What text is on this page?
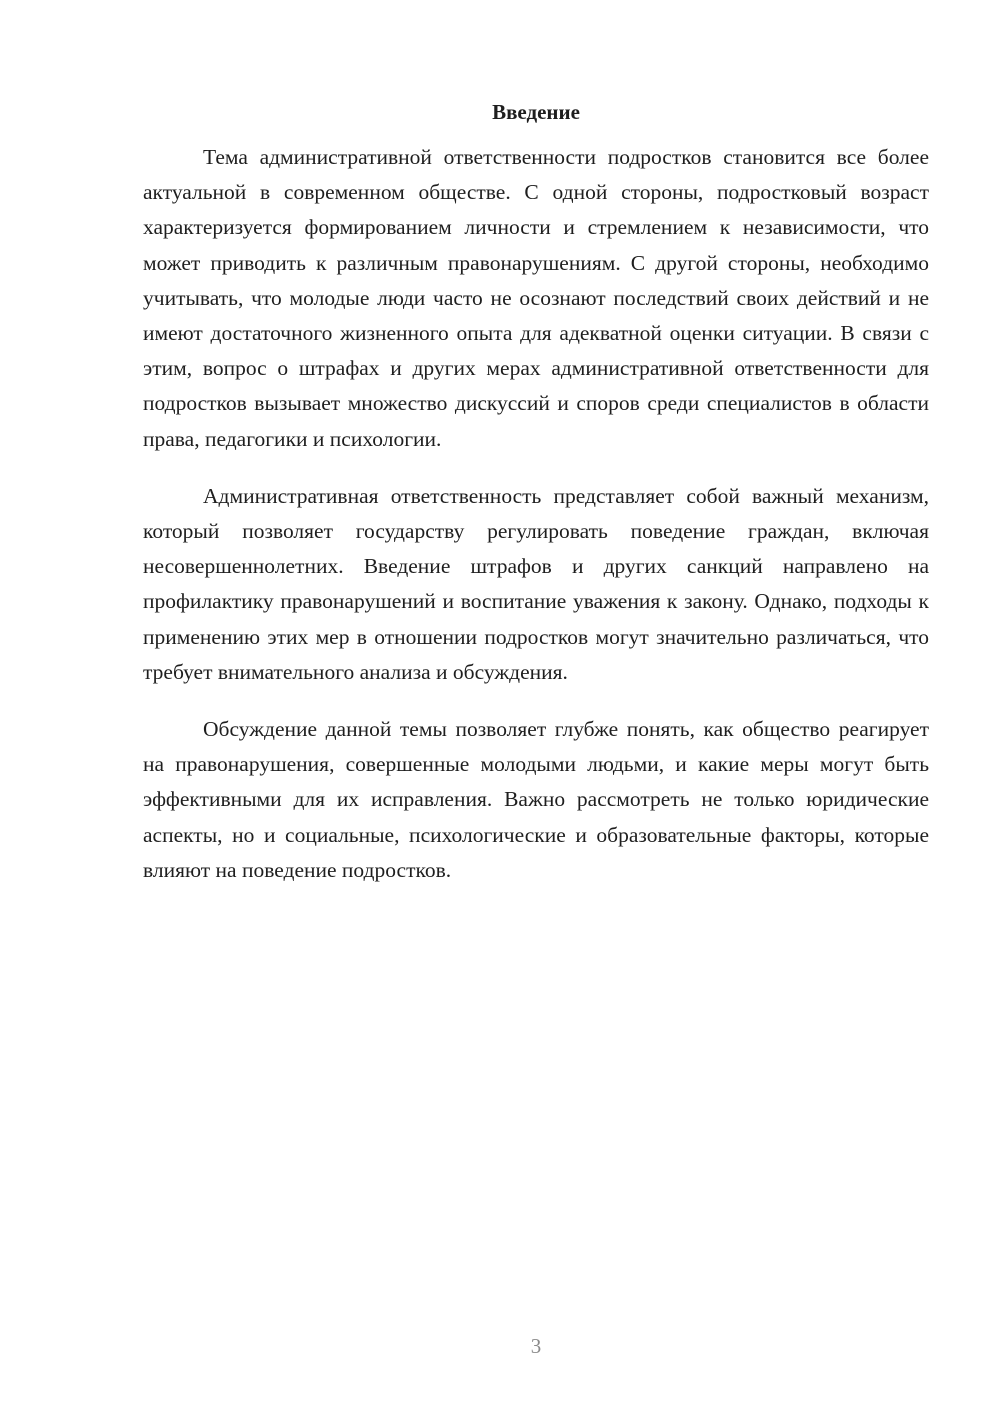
Введение

Тема административной ответственности подростков становится все более актуальной в современном обществе. С одной стороны, подростковый возраст характеризуется формированием личности и стремлением к независимости, что может приводить к различным правонарушениям. С другой стороны, необходимо учитывать, что молодые люди часто не осознают последствий своих действий и не имеют достаточного жизненного опыта для адекватной оценки ситуации. В связи с этим, вопрос о штрафах и других мерах административной ответственности для подростков вызывает множество дискуссий и споров среди специалистов в области права, педагогики и психологии.

Административная ответственность представляет собой важный механизм, который позволяет государству регулировать поведение граждан, включая несовершеннолетних. Введение штрафов и других санкций направлено на профилактику правонарушений и воспитание уважения к закону. Однако, подходы к применению этих мер в отношении подростков могут значительно различаться, что требует внимательного анализа и обсуждения.

Обсуждение данной темы позволяет глубже понять, как общество реагирует на правонарушения, совершенные молодыми людьми, и какие меры могут быть эффективными для их исправления. Важно рассмотреть не только юридические аспекты, но и социальные, психологические и образовательные факторы, которые влияют на поведение подростков.

3
